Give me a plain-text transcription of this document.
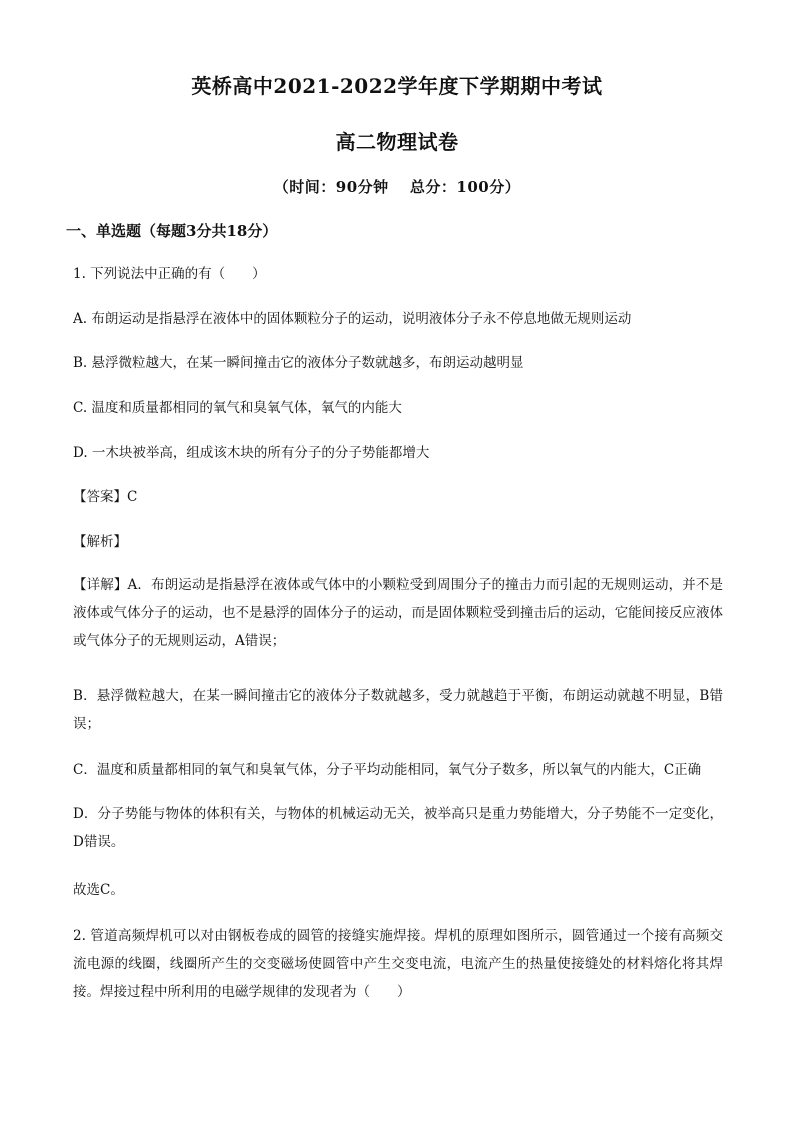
英桥高中2021-2022学年度下学期期中考试
高二物理试卷
（时间：90分钟　 总分：100分）
一、单选题（每题3分共18分）
1. 下列说法中正确的有（　　）
A. 布朗运动是指悬浮在液体中的固体颗粒分子的运动，说明液体分子永不停息地做无规则运动
B. 悬浮微粒越大，在某一瞬间撞击它的液体分子数就越多，布朗运动越明显
C. 温度和质量都相同的氧气和臭氧气体，氧气的内能大
D. 一木块被举高，组成该木块的所有分子的分子势能都增大
【答案】C
【解析】
【详解】A．布朗运动是指悬浮在液体或气体中的小颗粒受到周围分子的撞击力而引起的无规则运动，并不是液体或气体分子的运动，也不是悬浮的固体分子的运动，而是固体颗粒受到撞击后的运动，它能间接反应液体或气体分子的无规则运动，A错误；
B．悬浮微粒越大，在某一瞬间撞击它的液体分子数就越多，受力就越趋于平衡，布朗运动就越不明显，B错误；
C．温度和质量都相同的氧气和臭氧气体，分子平均动能相同，氧气分子数多，所以氧气的内能大，C正确
D．分子势能与物体的体积有关，与物体的机械运动无关，被举高只是重力势能增大，分子势能不一定变化，D错误。
故选C。
2. 管道高频焊机可以对由钢板卷成的圆管的接缝实施焊接。焊机的原理如图所示，圆管通过一个接有高频交流电源的线圈，线圈所产生的交变磁场使圆管中产生交变电流，电流产生的热量使接缝处的材料熔化将其焊接。焊接过程中所利用的电磁学规律的发现者为（　　）
